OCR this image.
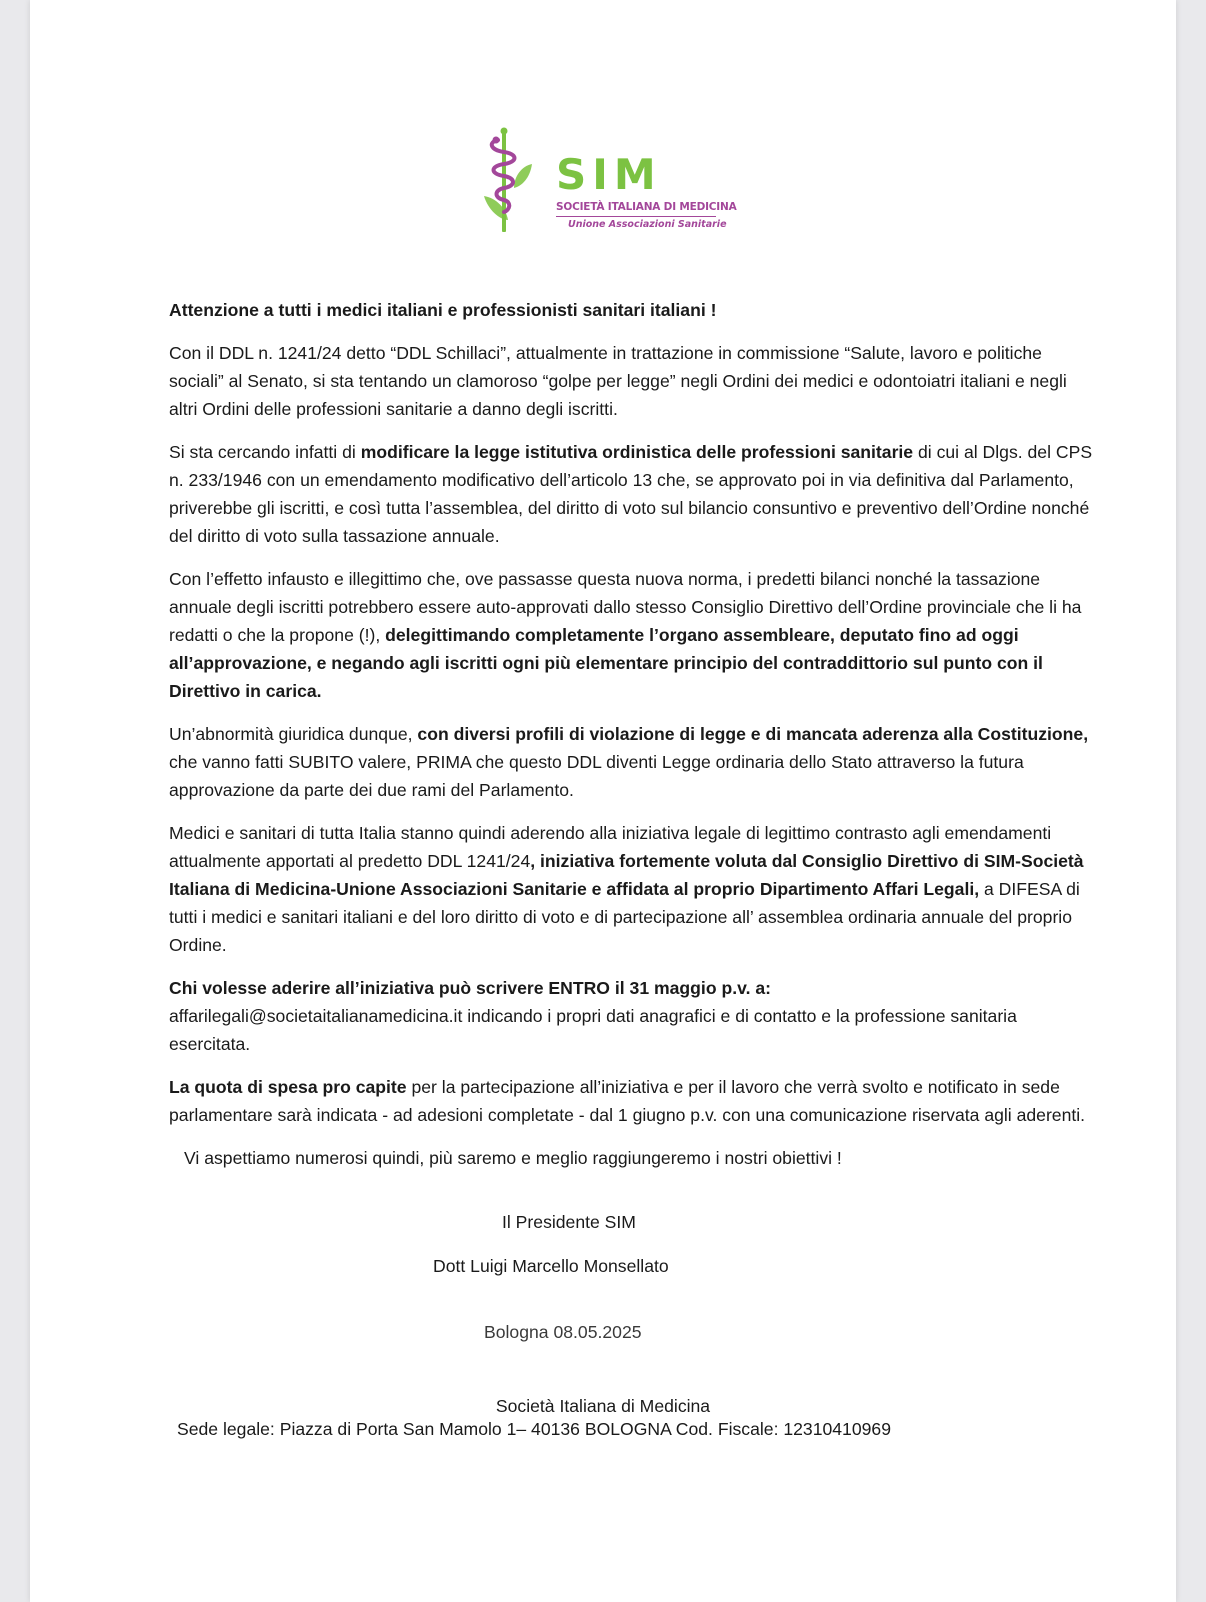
SIM
SOCIETÀ ITALIANA DI MEDICINA
Unione Associazioni Sanitarie

Attenzione a tutti i medici italiani e professionisti sanitari italiani !

Con il DDL n. 1241/24 detto “DDL Schillaci”, attualmente in trattazione in commissione “Salute, lavoro e politiche sociali” al Senato, si sta tentando un clamoroso “golpe per legge” negli Ordini dei medici e odontoiatri italiani e negli altri Ordini delle professioni sanitarie a danno degli iscritti.

Si sta cercando infatti di modificare la legge istitutiva ordinistica delle professioni sanitarie di cui al Dlgs. del CPS n. 233/1946 con un emendamento modificativo dell’articolo 13 che, se approvato poi in via definitiva dal Parlamento, priverebbe gli iscritti, e così tutta l’assemblea, del diritto di voto sul bilancio consuntivo e preventivo dell’Ordine nonché del diritto di voto sulla tassazione annuale.

Con l’effetto infausto e illegittimo che, ove passasse questa nuova norma, i predetti bilanci nonché la tassazione annuale degli iscritti potrebbero essere auto-approvati dallo stesso Consiglio Direttivo dell’Ordine provinciale che li ha redatti o che la propone (!), delegittimando completamente l’organo assembleare, deputato fino ad oggi all’approvazione, e negando agli iscritti ogni più elementare principio del contraddittorio sul punto con il Direttivo in carica.

Un’abnormità giuridica dunque, con diversi profili di violazione di legge e di mancata aderenza alla Costituzione, che vanno fatti SUBITO valere, PRIMA che questo DDL diventi Legge ordinaria dello Stato attraverso la futura approvazione da parte dei due rami del Parlamento.

Medici e sanitari di tutta Italia stanno quindi aderendo alla iniziativa legale di legittimo contrasto agli emendamenti attualmente apportati al predetto DDL 1241/24, iniziativa fortemente voluta dal Consiglio Direttivo di SIM-Società Italiana di Medicina-Unione Associazioni Sanitarie e affidata al proprio Dipartimento Affari Legali, a DIFESA di tutti i medici e sanitari italiani e del loro diritto di voto e di partecipazione all’ assemblea ordinaria annuale del proprio Ordine.

Chi volesse aderire all’iniziativa può scrivere ENTRO il 31 maggio p.v. a:
affarilegali@societaitalianamedicina.it indicando i propri dati anagrafici e di contatto e la professione sanitaria esercitata.

La quota di spesa pro capite per la partecipazione all’iniziativa e per il lavoro che verrà svolto e notificato in sede parlamentare sarà indicata - ad adesioni completate - dal 1 giugno p.v. con una comunicazione riservata agli aderenti.

Vi aspettiamo numerosi quindi, più saremo e meglio raggiungeremo i nostri obiettivi !

Il Presidente SIM
Dott Luigi Marcello Monsellato
Bologna 08.05.2025
Società Italiana di Medicina
Sede legale: Piazza di Porta San Mamolo 1– 40136 BOLOGNA Cod. Fiscale: 12310410969
